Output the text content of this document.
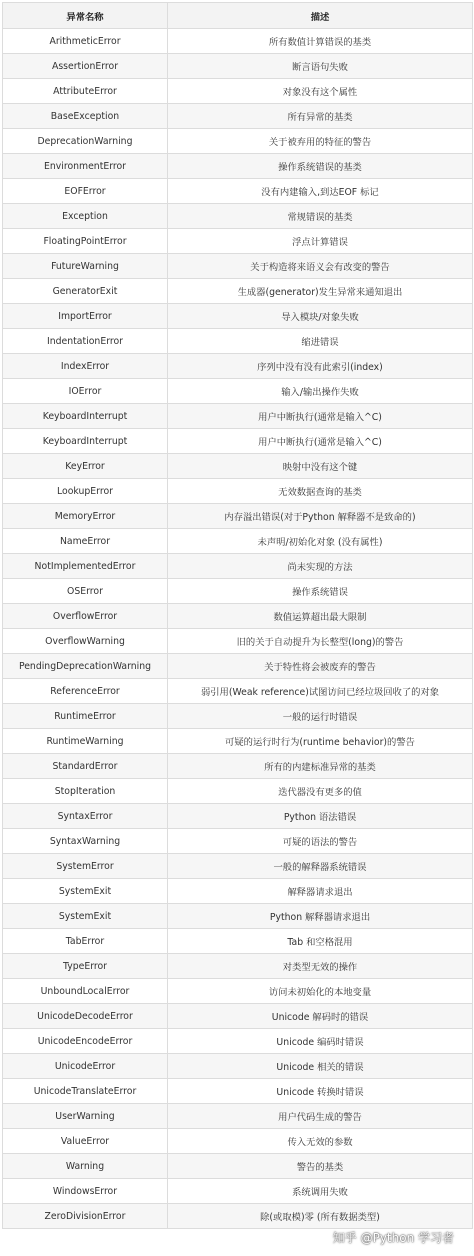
异常名称	描述
ArithmeticError	所有数值计算错误的基类
AssertionError	断言语句失败
AttributeError	对象没有这个属性
BaseException	所有异常的基类
DeprecationWarning	关于被弃用的特征的警告
EnvironmentError	操作系统错误的基类
EOFError	没有内建输入,到达EOF 标记
Exception	常规错误的基类
FloatingPointError	浮点计算错误
FutureWarning	关于构造将来语义会有改变的警告
GeneratorExit	生成器(generator)发生异常来通知退出
ImportError	导入模块/对象失败
IndentationError	缩进错误
IndexError	序列中没有没有此索引(index)
IOError	输入/输出操作失败
KeyboardInterrupt	用户中断执行(通常是输入^C)
KeyboardInterrupt	用户中断执行(通常是输入^C)
KeyError	映射中没有这个键
LookupError	无效数据查询的基类
MemoryError	内存溢出错误(对于Python 解释器不是致命的)
NameError	未声明/初始化对象 (没有属性)
NotImplementedError	尚未实现的方法
OSError	操作系统错误
OverflowError	数值运算超出最大限制
OverflowWarning	旧的关于自动提升为长整型(long)的警告
PendingDeprecationWarning	关于特性将会被废弃的警告
ReferenceError	弱引用(Weak reference)试图访问已经垃圾回收了的对象
RuntimeError	一般的运行时错误
RuntimeWarning	可疑的运行时行为(runtime behavior)的警告
StandardError	所有的内建标准异常的基类
StopIteration	迭代器没有更多的值
SyntaxError	Python 语法错误
SyntaxWarning	可疑的语法的警告
SystemError	一般的解释器系统错误
SystemExit	解释器请求退出
SystemExit	Python 解释器请求退出
TabError	Tab 和空格混用
TypeError	对类型无效的操作
UnboundLocalError	访问未初始化的本地变量
UnicodeDecodeError	Unicode 解码时的错误
UnicodeEncodeError	Unicode 编码时错误
UnicodeError	Unicode 相关的错误
UnicodeTranslateError	Unicode 转换时错误
UserWarning	用户代码生成的警告
ValueError	传入无效的参数
Warning	警告的基类
WindowsError	系统调用失败
ZeroDivisionError	除(或取模)零 (所有数据类型)
知乎 @Python 学习者
